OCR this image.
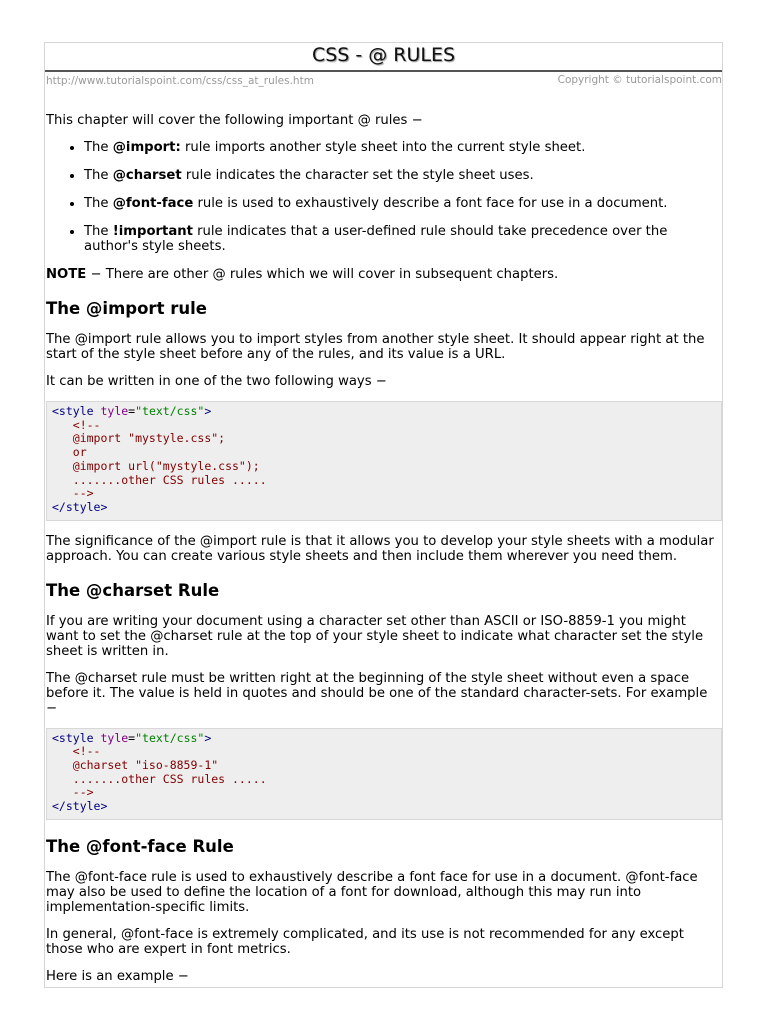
CSS - @ RULES
http://www.tutorialspoint.com/css/css_at_rules.htm	Copyright © tutorialspoint.com

This chapter will cover the following important @ rules −

• The @import: rule imports another style sheet into the current style sheet.
• The @charset rule indicates the character set the style sheet uses.
• The @font-face rule is used to exhaustively describe a font face for use in a document.
• The !important rule indicates that a user-defined rule should take precedence over the author's style sheets.

NOTE − There are other @ rules which we will cover in subsequent chapters.

The @import rule

The @import rule allows you to import styles from another style sheet. It should appear right at the start of the style sheet before any of the rules, and its value is a URL.

It can be written in one of the two following ways −

<style tyle="text/css">
<!--
@import "mystyle.css";
or
@import url("mystyle.css");
.......other CSS rules .....
-->
</style>

The significance of the @import rule is that it allows you to develop your style sheets with a modular approach. You can create various style sheets and then include them wherever you need them.

The @charset Rule

If you are writing your document using a character set other than ASCII or ISO-8859-1 you might want to set the @charset rule at the top of your style sheet to indicate what character set the style sheet is written in.

The @charset rule must be written right at the beginning of the style sheet without even a space before it. The value is held in quotes and should be one of the standard character-sets. For example −

<style tyle="text/css">
<!--
@charset "iso-8859-1"
.......other CSS rules .....
-->
</style>
The @font-face Rule

The @font-face rule is used to exhaustively describe a font face for use in a document. @font-face may also be used to define the location of a font for download, although this may run into implementation-specific limits.

In general, @font-face is extremely complicated, and its use is not recommended for any except those who are expert in font metrics.

Here is an example −
